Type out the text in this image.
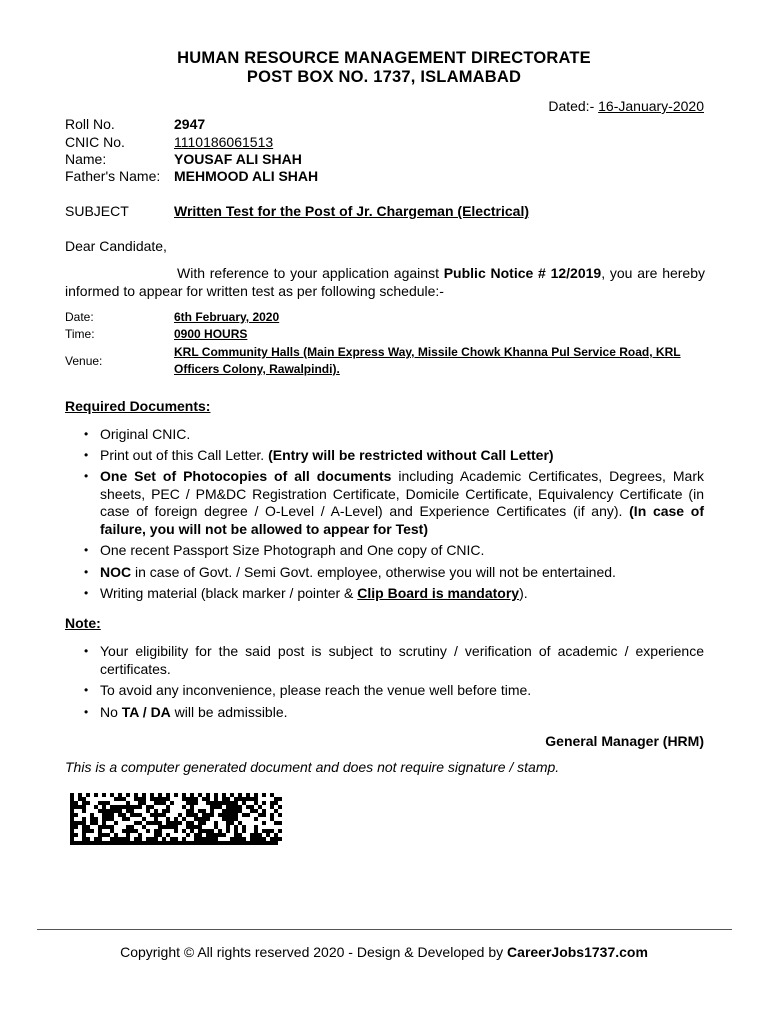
HUMAN RESOURCE MANAGEMENT DIRECTORATE
POST BOX NO. 1737, ISLAMABAD
Dated:- 16-January-2020
Roll No.	2947
CNIC No.	1110186061513
Name:	YOUSAF ALI SHAH
Father's Name: MEHMOOD ALI SHAH
SUBJECT	Written Test for the Post of Jr. Chargeman (Electrical)
Dear Candidate,
With reference to your application against Public Notice # 12/2019, you are hereby informed to appear for written test as per following schedule:-
Date:	6th February, 2020
Time:	0900 HOURS
Venue:
KRL Community Halls (Main Express Way, Missile Chowk Khanna Pul Service Road, KRL
Officers Colony, Rawalpindi).
Required Documents:
• Original CNIC.
• Print out of this Call Letter. (Entry will be restricted without Call Letter)
• One Set of Photocopies of all documents including Academic Certificates, Degrees, Mark sheets, PEC / PM&DC Registration Certificate, Domicile Certificate, Equivalency Certificate (in case of foreign degree / O-Level / A-Level) and Experience Certificates (if any). (In case of failure, you will not be allowed to appear for Test)
• One recent Passport Size Photograph and One copy of CNIC.
• NOC in case of Govt. / Semi Govt. employee, otherwise you will not be entertained.
• Writing material (black marker / pointer & Clip Board is mandatory).
Note:
• Your eligibility for the said post is subject to scrutiny / verification of academic / experience certificates.
• To avoid any inconvenience, please reach the venue well before time.
• No TA / DA will be admissible.
General Manager (HRM)
This is a computer generated document and does not require signature / stamp.
Copyright © All rights reserved 2020 - Design & Developed by CareerJobs1737.com
